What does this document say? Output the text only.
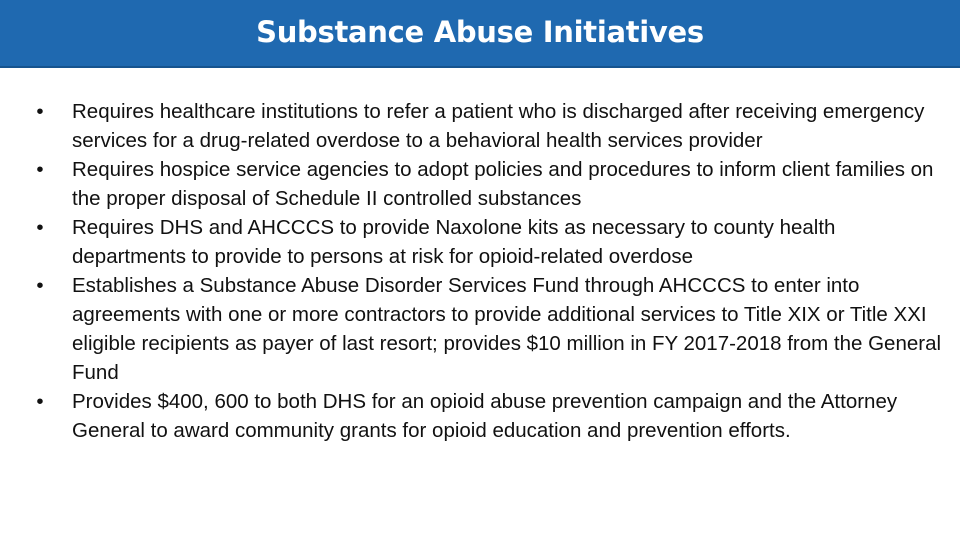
Substance Abuse Initiatives
•	Requires healthcare institutions to refer a patient who is discharged after receiving emergency services for a drug-related overdose to a behavioral health services provider
•	Requires hospice service agencies to adopt policies and procedures to inform client families on the proper disposal of Schedule II controlled substances
•	Requires DHS and AHCCCS to provide Naxolone kits as necessary to county health departments to provide to persons at risk for opioid-related overdose
•	Establishes a Substance Abuse Disorder Services Fund through AHCCCS to enter into agreements with one or more contractors to provide additional services to Title XIX or Title XXI eligible recipients as payer of last resort; provides $10 million in FY 2017-2018 from the General Fund
•	Provides $400, 600 to both DHS for an opioid abuse prevention campaign and the Attorney General to award community grants for opioid education and prevention efforts.
